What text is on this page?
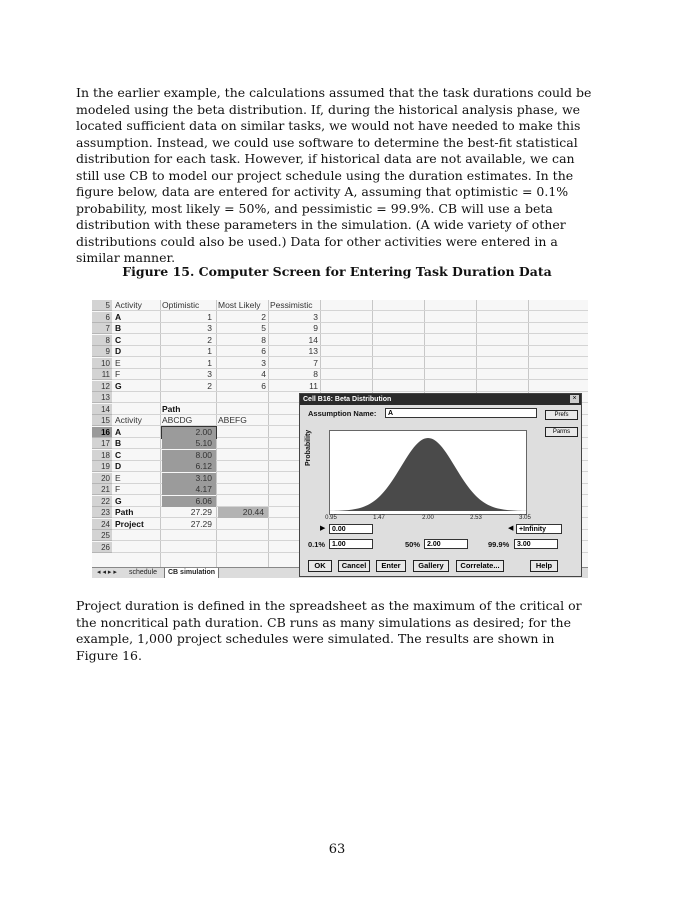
In the earlier example, the calculations assumed that the task durations could be modeled using the beta distribution. If, during the historical analysis phase, we located sufficient data on similar tasks, we would not have needed to make this assumption. Instead, we could use software to determine the best-fit statistical distribution for each task. However, if historical data are not available, we can still use CB to model our project schedule using the duration estimates. In the figure below, data are entered for activity A, assuming that optimistic = 0.1% probability, most likely = 50%, and pessimistic = 99.9%. CB will use a beta distribution with these parameters in the simulation. (A wide variety of other distributions could also be used.) Data for other activities were entered in a similar manner.

Figure 15. Computer Screen for Entering Task Duration Data
5 Activity	Optimistic	Most Likely	Pessimistic
6 A	1	2	3
7 B	3	5	9
8 C	2	8	14
9 D	1	6	13
10 E	1	3	7
11 F	3	4	8
12 G	2	6	11
13
14	Path
15 Activity	ABCDG	ABEFG
16 A	2.00
17 B	5.10
18 C	8.00
19 D	6.12
20 E	3.10
21 F	4.17
22 G	6.06
23 Path	27.29	20.44
24 Project	27.29
25
26
◂ ◂ ▸ ▸	schedule	CB simulation
Cell B16: Beta Distribution	×
Assumption Name:	A	Prefs
Parms
Probability
0.95	1.47	2.00	2.53	3.05
▶ 0.00	◀ +Infinity
0.1% 1.00	50% 2.00	99.9%	3.00
OK	Cancel	Enter	Gallery	Correlate...	Help

Project duration is defined in the spreadsheet as the maximum of the critical or the noncritical path duration. CB runs as many simulations as desired; for the example, 1,000 project schedules were simulated. The results are shown in Figure 16.

63
